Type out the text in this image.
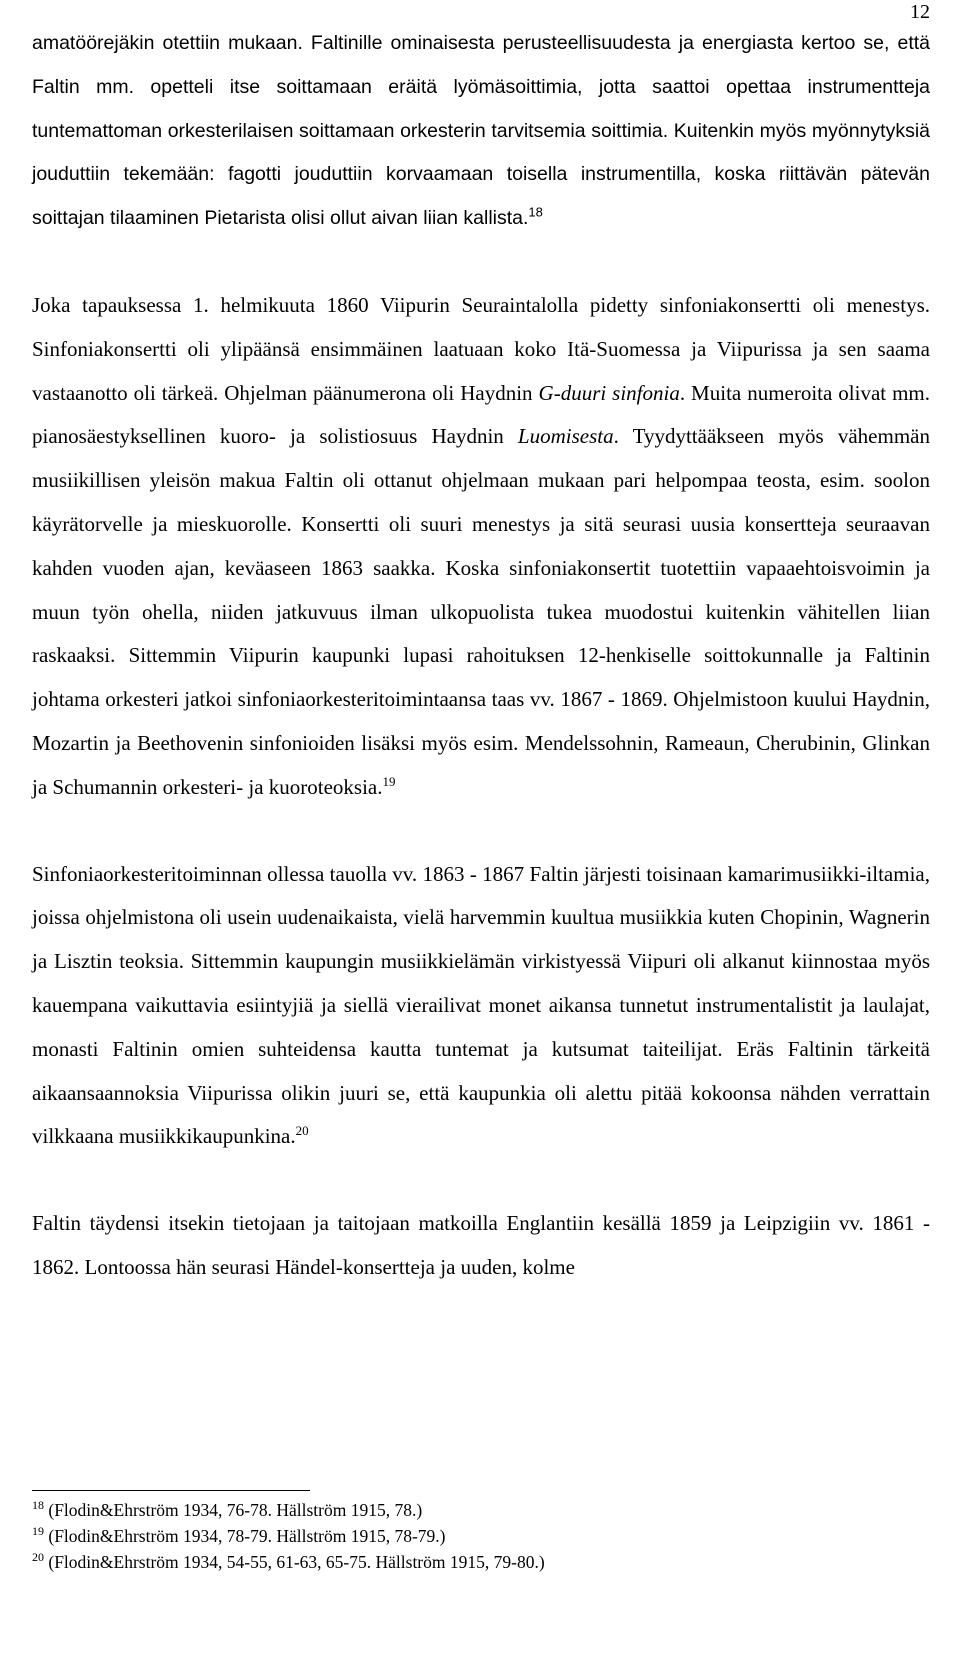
12

amatööre​jäkin otettiin mukaan. Faltinille ominaisesta perusteellisuudesta ja energiasta kertoo se, että Faltin mm. opetteli itse soittamaan eräitä lyömäsoittimia, jotta saattoi opettaa instrumentteja tuntemattoman orkesterilaisen soittamaan orkesterin tarvitsemia soittimia. Kuitenkin myös myönnytyksiä jouduttiin tekemään: fagotti jouduttiin korvaamaan toisella instrumentilla, koska riittävän pätevän soittajan tilaaminen Pietarista olisi ollut aivan liian kallista.$^{18}$

Joka tapauksessa 1. helmikuuta 1860 Viipurin Seuraintalolla pidetty sinfoniakonsertti oli menestys. Sinfoniakonsertti oli ylipäänsä ensimmäinen laatuaan koko Itä-Suomessa ja Viipurissa ja sen saama vastaanotto oli tärkeä. Ohjelman päänumerona oli Haydnin G-duuri sinfonia. Muita numeroita olivat mm. pianosäestyksellinen kuoro- ja solistiosuus Haydnin Luomisesta. Tyydyttääkseen myös vähemmän musiikillisen yleisön makua Faltin oli ottanut ohjelmaan mukaan pari helpompaa teosta, esim. soolon käyrätorvelle ja mieskuorolle. Konsertti oli suuri menestys ja sitä seurasi uusia konsertteja seuraavan kahden vuoden ajan, keväaseen 1863 saakka. Koska sinfoniakonsertit tuotettiin vapaaehtoisvoimin ja muun työn ohella, niiden jatkuvuus ilman ulkopuolista tukea muodostui kuitenkin vähitellen liian raskaaksi. Sittemmin Viipurin kaupunki lupasi rahoituksen 12-henkiselle soittokunnalle ja Faltinin johtama orkesteri jatkoi sinfoniaorkesteritoimintaansa taas vv. 1867 - 1869. Ohjelmistoon kuului Haydnin, Mozartin ja Beethovenin sinfonioiden lisäksi myös esim. Mendelssohnin, Rameaun, Cherubinin, Glinkan ja Schumannin orkesteri- ja kuoroteoksia.$^{19}$

Sinfoniaorkesteritoiminnan ollessa tauolla vv. 1863 - 1867 Faltin järjesti toisinaan kamarimusiikki-iltamia, joissa ohjelmistona oli usein uudenaikaista, vielä harvemmin kuultua musiikkia kuten Chopinin, Wagnerin ja Lisztin teoksia. Sittemmin kaupungin musiikkielämän virkistyessä Viipuri oli alkanut kiinnostaa myös kauempana vaikuttavia esiintyjiä ja siellä vierailivat monet aikansa tunnetut instrumentalistit ja laulajat, monasti Faltinin omien suhteidensa kautta tuntemat ja kutsumat taiteilijat. Eräs Faltinin tärkeitä aikaansaannoksia Viipurissa olikin juuri se, että kaupunkia oli alettu pitää kokoonsa nähden verrattain vilkkaana musiikkikaupunkina.$^{20}$

Faltin täydensi itsekin tietojaan ja taitojaan matkoilla Englantiin kesällä 1859 ja Leipzigiin vv. 1861 - 1862. Lontoossa hän seurasi Händel-konsertteja ja uuden, kolme

$^{18}$ (Flodin&Ehrström 1934, 76-78. Hällström 1915, 78.)

$^{19}$ (Flodin&Ehrström 1934, 78-79. Hällström 1915, 78-79.)

$^{20}$ (Flodin&Ehrström 1934, 54-55, 61-63, 65-75. Hällström 1915, 79-80.)
